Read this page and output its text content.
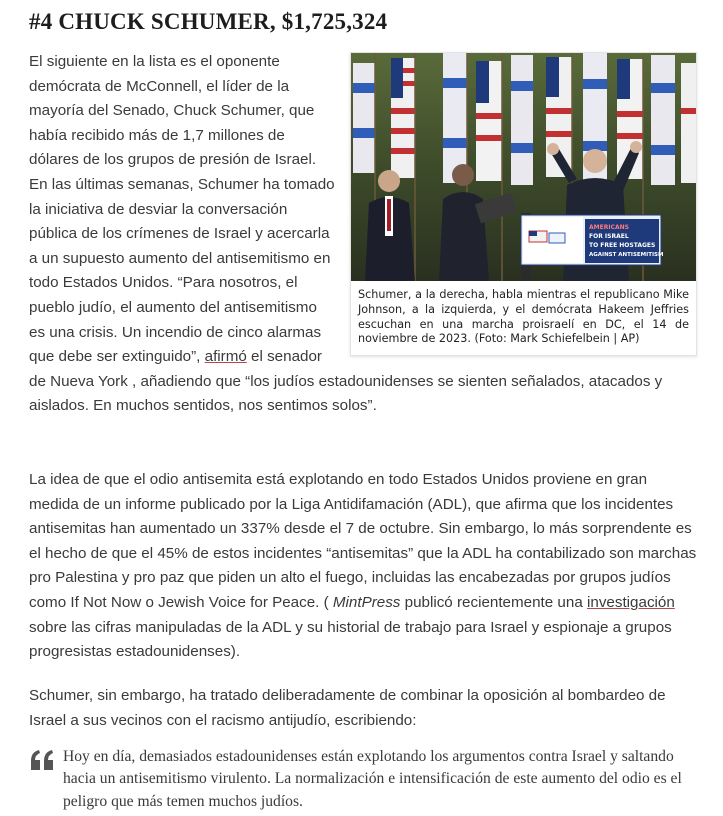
#4 CHUCK SCHUMER, $1,725,324
AMERICANS
FOR ISRAEL
TO FREE HOSTAGES
AGAINST ANTISEMITISM
Schumer, a la derecha, habla mientras el republicano Mike Johnson, a la izquierda, y el demócrata Hakeem Jeffries escuchan en una marcha proisraelí en DC, el 14 de noviembre de 2023. (Foto: Mark Schiefelbein | AP)
El siguiente en la lista es el oponente demócrata de McConnell, el líder de la mayoría del Senado, Chuck Schumer, que había recibido más de 1,7 millones de dólares de los grupos de presión de Israel. En las últimas semanas, Schumer ha tomado la iniciativa de desviar la conversación pública de los crímenes de Israel y acercarla a un supuesto aumento del antisemitismo en todo Estados Unidos. “Para nosotros, el pueblo judío, el aumento del antisemitismo es una crisis. Un incendio de cinco alarmas que debe ser extinguido”, afirmó el senador de Nueva York , añadiendo que “los judíos estadounidenses se sienten señalados, atacados y aislados. En muchos sentidos, nos sentimos solos”.

La idea de que el odio antisemita está explotando en todo Estados Unidos proviene en gran medida de un informe publicado por la Liga Antidifamación (ADL), que afirma que los incidentes antisemitas han aumentado un 337% desde el 7 de octubre. Sin embargo, lo más sorprendente es el hecho de que el 45% de estos incidentes “antisemitas” que la ADL ha contabilizado son marchas pro Palestina y pro paz que piden un alto el fuego, incluidas las encabezadas por grupos judíos como If Not Now o Jewish Voice for Peace. ( MintPress publicó recientemente una investigación sobre las cifras manipuladas de la ADL y su historial de trabajo para Israel y espionaje a grupos progresistas estadounidenses).

Schumer, sin embargo, ha tratado deliberadamente de combinar la oposición al bombardeo de Israel a sus vecinos con el racismo antijudío, escribiendo:

Hoy en día, demasiados estadounidenses están explotando los argumentos contra Israel y saltando hacia un antisemitismo virulento. La normalización e intensificación de este aumento del odio es el peligro que más temen muchos judíos.
